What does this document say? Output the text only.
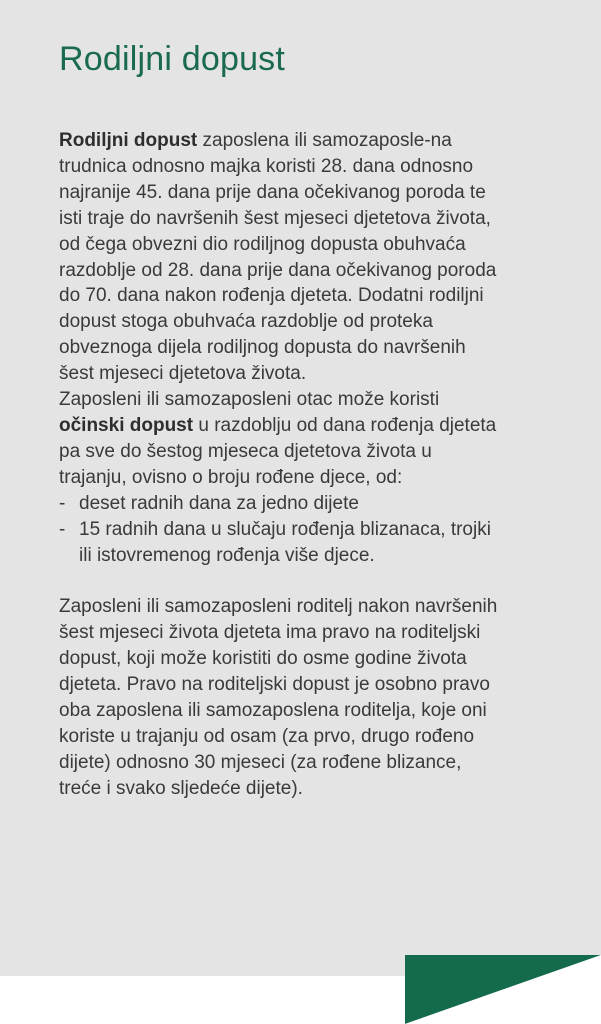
Rodiljni dopust

Rodiljni dopust zaposlena ili samozaposle-na trudnica odnosno majka koristi 28. dana odnosno najranije 45. dana prije dana očekivanog poroda te isti traje do navršenih šest mjeseci djetetova života, od čega obvezni dio rodiljnog dopusta obuhvaća razdoblje od 28. dana prije dana očekivanog poroda do 70. dana nakon rođenja djeteta. Dodatni rodiljni dopust stoga obuhvaća razdoblje od proteka obveznoga dijela rodiljnog dopusta do navršenih šest mjeseci djetetova života.

Zaposleni ili samozaposleni otac može koristi očinski dopust u razdoblju od dana rođenja djeteta pa sve do šestog mjeseca djetetova života u trajanju, ovisno o broju rođene djece, od:

- deset radnih dana za jedno dijete
- 15 radnih dana u slučaju rođenja blizanaca, trojki ili istovremenog rođenja više djece.

Zaposleni ili samozaposleni roditelj nakon navršenih šest mjeseci života djeteta ima pravo na roditeljski dopust, koji može koristiti do osme godine života djeteta. Pravo na roditeljski dopust je osobno pravo oba zaposlena ili samozaposlena roditelja, koje oni koriste u trajanju od osam (za prvo, drugo rođeno dijete) odnosno 30 mjeseci (za rođene blizance, treće i svako sljedeće dijete).
